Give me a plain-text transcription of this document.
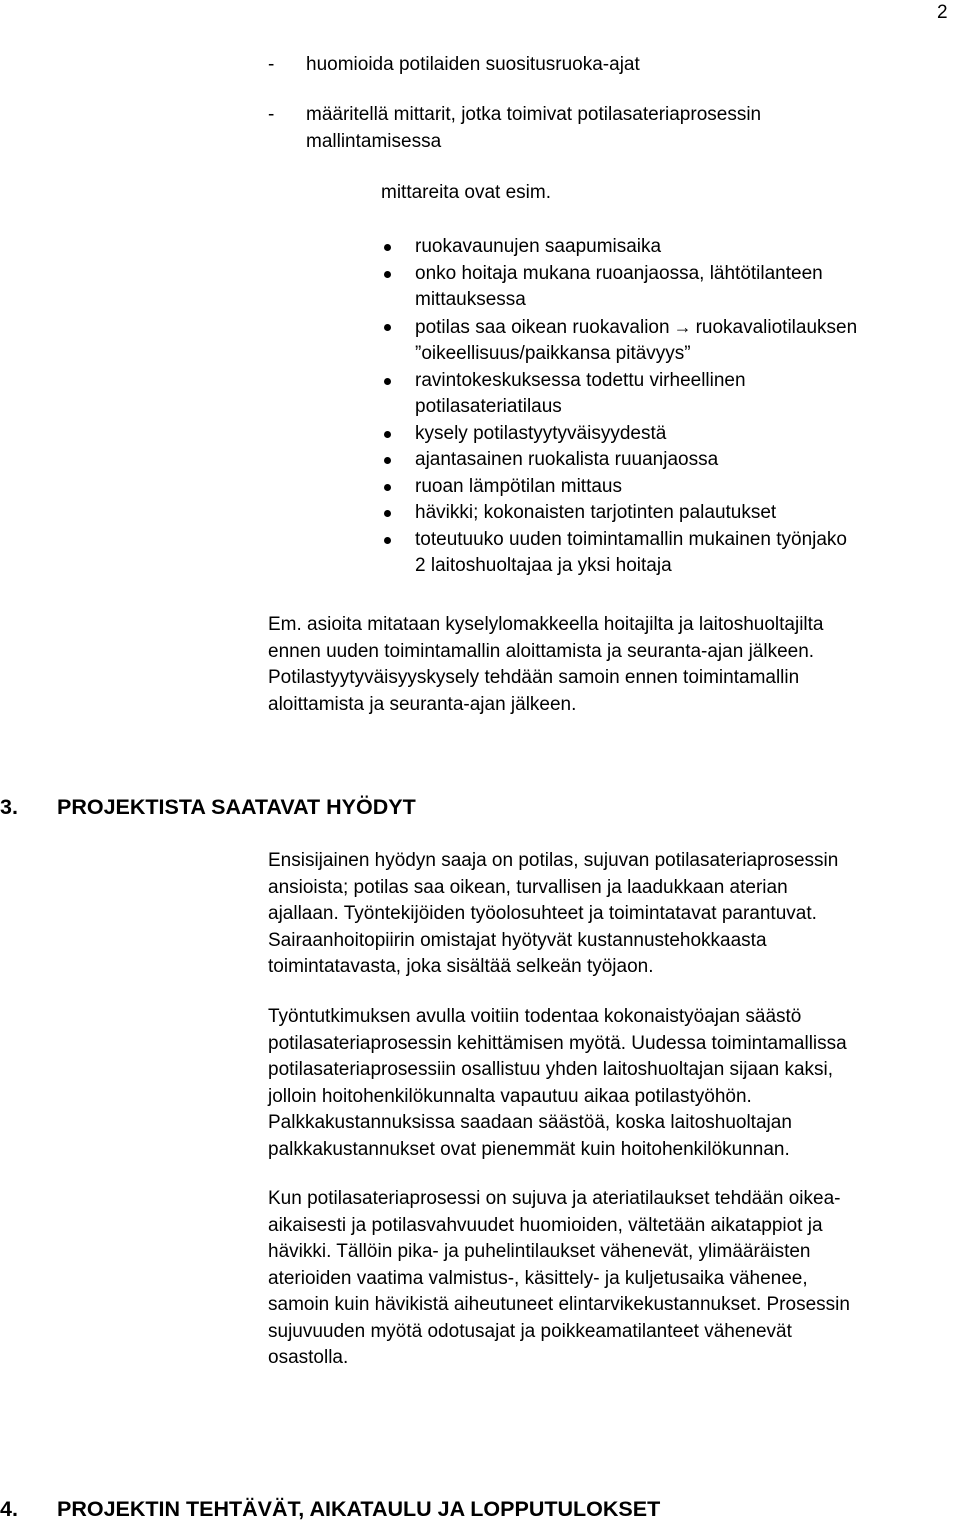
2
- huomioida potilaiden suositusruoka-ajat
- määritellä mittarit, jotka toimivat potilasateriaprosessin
mallintamisessa
mittareita ovat esim.
ruokavaunujen saapumisaika
onko hoitaja mukana ruoanjaossa, lähtötilanteen
mittauksessa
potilas saa oikean ruokavalion → ruokavaliotilauksen
”oikeellisuus/paikkansa pitävyys”
ravintokeskuksessa todettu virheellinen
potilasateriatilaus
kysely potilastyytyväisyydestä
ajantasainen ruokalista ruuanjaossa
ruoan lämpötilan mittaus
hävikki; kokonaisten tarjotinten palautukset
toteutuuko uuden toimintamallin mukainen työnjako
2 laitoshuoltajaa ja yksi hoitaja
Em. asioita mitataan kyselylomakkeella hoitajilta ja laitoshuoltajilta
ennen uuden toimintamallin aloittamista ja seuranta-ajan jälkeen.
Potilastyytyväisyyskysely tehdään samoin ennen toimintamallin
aloittamista ja seuranta-ajan jälkeen.
3. PROJEKTISTA SAATAVAT HYÖDYT
Ensisijainen hyödyn saaja on potilas, sujuvan potilasateriaprosessin
ansioista; potilas saa oikean, turvallisen ja laadukkaan aterian
ajallaan. Työntekijöiden työolosuhteet ja toimintatavat parantuvat.
Sairaanhoitopiirin omistajat hyötyvät kustannustehokkaasta
toimintatavasta, joka sisältää selkeän työjaon.
Työntutkimuksen avulla voitiin todentaa kokonaistyöajan säästö
potilasateriaprosessin kehittämisen myötä. Uudessa toimintamallissa
potilasateriaprosessiin osallistuu yhden laitoshuoltajan sijaan kaksi,
jolloin hoitohenkilökunnalta vapautuu aikaa potilastyöhön.
Palkkakustannuksissa saadaan säästöä, koska laitoshuoltajan
palkkakustannukset ovat pienemmät kuin hoitohenkilökunnan.
Kun potilasateriaprosessi on sujuva ja ateriatilaukset tehdään oikea-
aikaisesti ja potilasvahvuudet huomioiden, vältetään aikatappiot ja
hävikki. Tällöin pika- ja puhelintilaukset vähenevät, ylimääräisten
aterioiden vaatima valmistus-, käsittely- ja kuljetusaika vähenee,
samoin kuin hävikistä aiheutuneet elintarvikekustannukset. Prosessin
sujuvuuden myötä odotusajat ja poikkeamatilanteet vähenevät
osastolla.
4. PROJEKTIN TEHTÄVÄT, AIKATAULU JA LOPPUTULOKSET
